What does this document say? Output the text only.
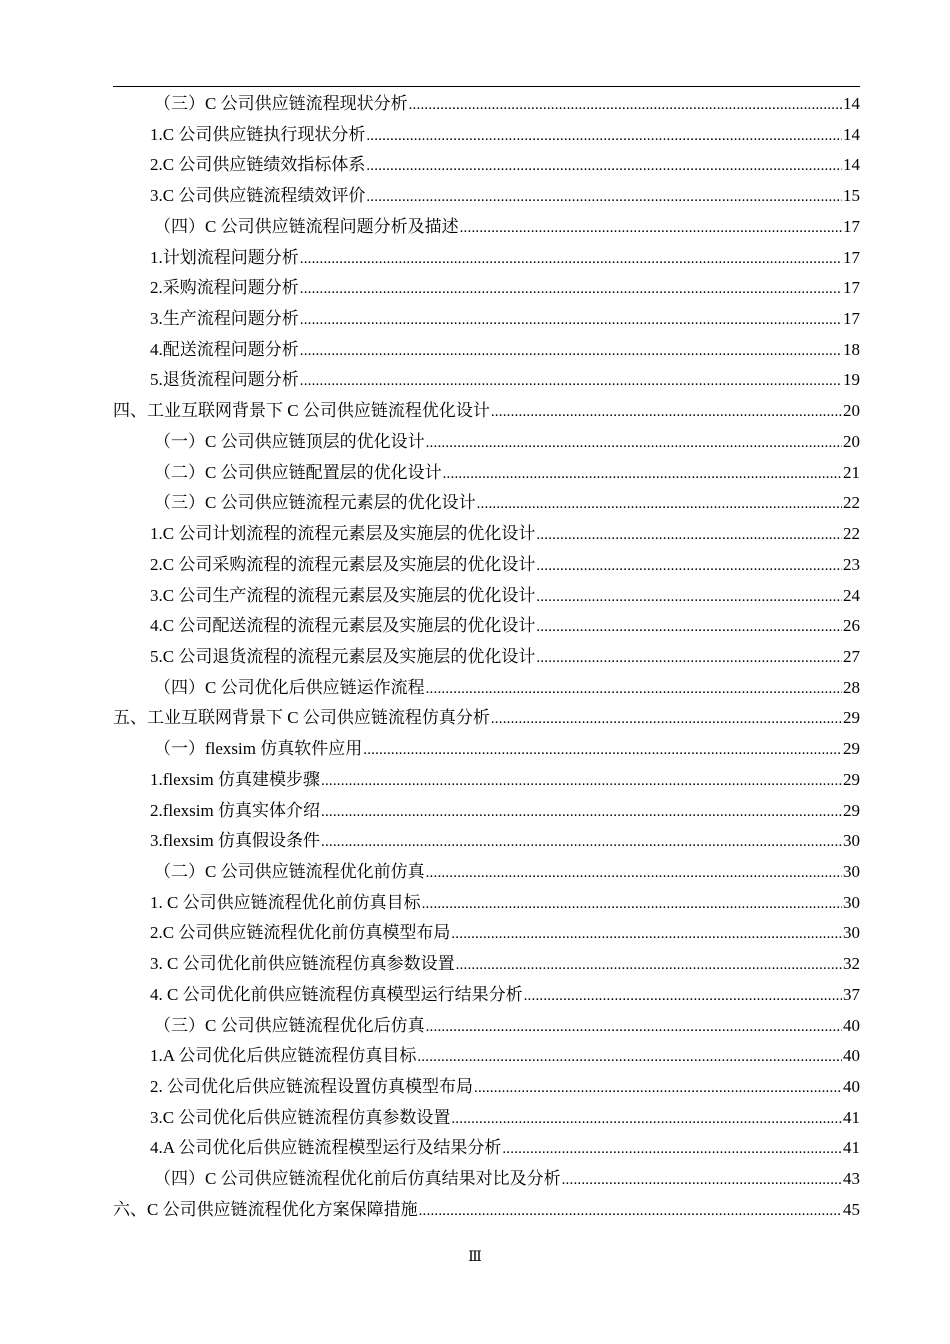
（三）C 公司供应链流程现状分析 .....	14
1.C 公司供应链执行现状分析 .....	14
2.C 公司供应链绩效指标体系 .....	14
3.C 公司供应链流程绩效评价 .....	15
（四）C 公司供应链流程问题分析及描述 .....	17
1.计划流程问题分析 .....	17
2.采购流程问题分析 .....	17
3.生产流程问题分析 .....	17
4.配送流程问题分析 .....	18
5.退货流程问题分析 .....	19
四、工业互联网背景下 C 公司供应链流程优化设计 .....	20
（一）C 公司供应链顶层的优化设计 .....	20
（二）C 公司供应链配置层的优化设计 .....	21
（三）C 公司供应链流程元素层的优化设计 .....	22
1.C 公司计划流程的流程元素层及实施层的优化设计 .....	22
2.C 公司采购流程的流程元素层及实施层的优化设计 .....	23
3.C 公司生产流程的流程元素层及实施层的优化设计 .....	24
4.C 公司配送流程的流程元素层及实施层的优化设计 .....	26
5.C 公司退货流程的流程元素层及实施层的优化设计 .....	27
（四）C 公司优化后供应链运作流程 .....	28
五、工业互联网背景下 C 公司供应链流程仿真分析 .....	29
（一）flexsim 仿真软件应用 .....	29
1.flexsim 仿真建模步骤 .....	29
2.flexsim 仿真实体介绍 .....	29
3.flexsim 仿真假设条件 .....	30
（二）C 公司供应链流程优化前仿真 .....	30
1. C 公司供应链流程优化前仿真目标 .....	30
2.C 公司供应链流程优化前仿真模型布局 .....	30
3. C 公司优化前供应链流程仿真参数设置 .....	32
4. C 公司优化前供应链流程仿真模型运行结果分析 .....	37
（三）C 公司供应链流程优化后仿真 .....	40
1.A 公司优化后供应链流程仿真目标 .....	40
2. 公司优化后供应链流程设置仿真模型布局 .....	40
3.C 公司优化后供应链流程仿真参数设置 .....	41
4.A 公司优化后供应链流程模型运行及结果分析 .....	41
（四）C 公司供应链流程优化前后仿真结果对比及分析 .....	43
六、C 公司供应链流程优化方案保障措施 .....	45
Ⅲ
